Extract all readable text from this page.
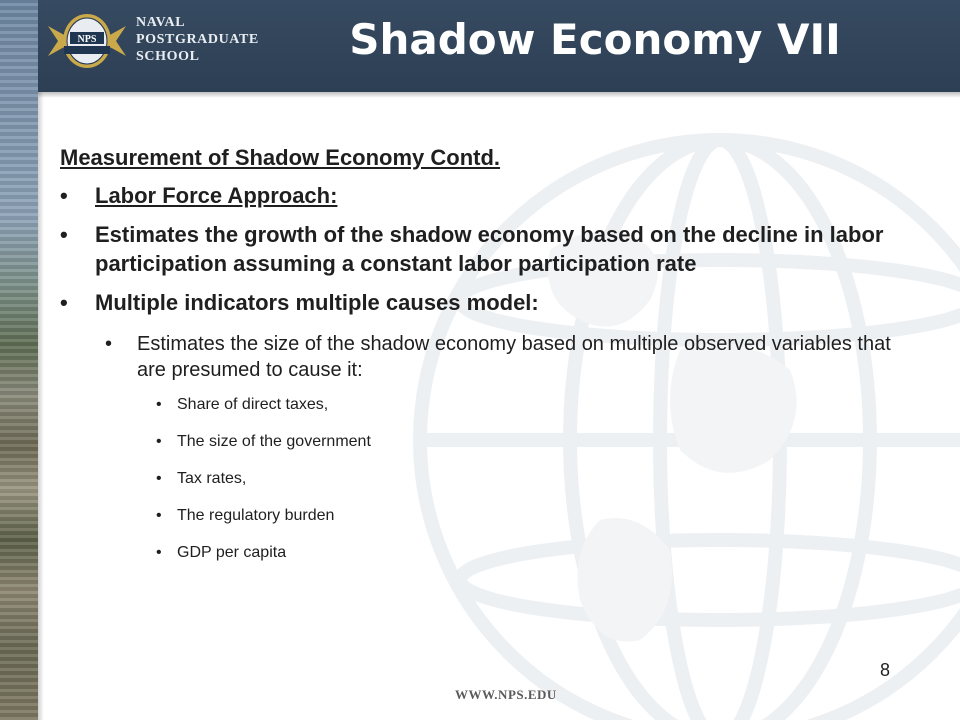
NPS
NAVAL
POSTGRADUATE
SCHOOL	Shadow Economy VII
Measurement of Shadow Economy Contd.
• Labor Force Approach:
• Estimates the growth of the shadow economy based on the decline in labor participation assuming a constant labor participation rate
• Multiple indicators multiple causes model:
• Estimates the size of the shadow economy based on multiple observed variables that are presumed to cause it:
• Share of direct taxes,
• The size of the government
• Tax rates,
• The regulatory burden
• GDP per capita
8
WWW.NPS.EDU
